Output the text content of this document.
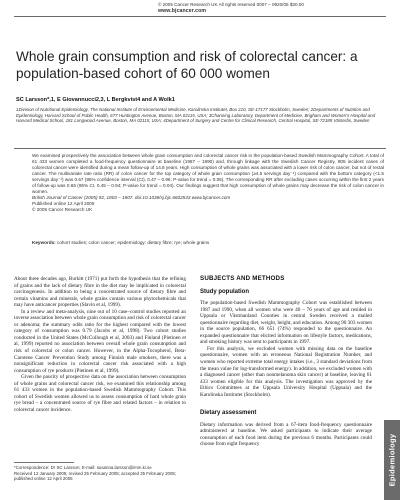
© 2005 Cancer Research UK All rights reserved 0007 – 0920/05 $30.00
www.bjcancer.com
Whole grain consumption and risk of colorectal cancer: a population-based cohort of 60 000 women
SC Larsson*,1, E Giovannucci2,3, L Bergkvist4 and A Wolk1
1Division of Nutritional Epidemiology, The National Institute of Environmental Medicine, Karolinska Institutet, Box 210, SE-17177 Stockholm, Sweden; 2Departments of Nutrition and Epidemiology, Harvard School of Public Health, 677 Huntington Avenue, Boston, MA 02115, USA; 3Channing Laboratory, Department of Medicine, Brigham and Women's Hospital and Harvard Medical School, 181 Longwood Avenue, Boston, MA 02115, USA; 4Department of Surgery and Centre for Clinical Research, Central Hospital, SE-72189 Västerås, Sweden
We examined prospectively the association between whole grain consumption and colorectal cancer risk in the population-based Swedish Mammography Cohort. A total of 61 433 women completed a food-frequency questionnaire at baseline (1987 – 1990) and, through linkage with the Swedish Cancer Registry, 805 incident cases of colorectal cancer were identified during a mean follow-up of 14.8 years. High consumption of whole grains was associated with a lower risk of colon cancer, but not of rectal cancer. The multivariate rate ratio (RR) of colon cancer for the top category of whole grain consumption (≥4.5 servings day⁻¹) compared with the bottom category (<1.5 servings day⁻¹) was 0.67 (95% confidence interval (CI), 0.47 – 0.96; P-value for trend = 0.06). The corresponding RR after excluding cases occurring within the first 2 years of follow-up was 0.65 (95% CI, 0.45 – 0.94; P-value for trend = 0.04). Our findings suggest that high consumption of whole grains may decrease the risk of colon cancer in women.
British Journal of Cancer (2005) 92, 1803 – 1807. doi:10.1038/sj.bjc.6602543 www.bjcancer.com
Published online 12 April 2005
© 2005 Cancer Research UK
Keywords: cohort studies; colon cancer; epidemiology; dietary fibre; rye; whole grains

About three decades ago, Burkitt (1971) put forth the hypothesis that the refining of grains and the lack of dietary fibre in the diet may be implicated in colorectal carcinogenesis. In addition to being a concentrated source of dietary fibre and certain vitamins and minerals, whole grains contain various phytochemicals that may have anticancer properties (Slavin et al, 1999).

In a review and meta-analysis, nine out of 10 case–control studies reported an inverse association between whole grain consumption and risk of colorectal cancer or adenoma; the summary odds ratio for the highest compared with the lowest category of consumption was 0.79 (Jacobs et al, 1998). Two cohort studies conducted in the United States (McCullough et al, 2003) and Finland (Pietinen et al, 1999) reported no association between overall whole grain consumption and risk of colorectal or colon cancer. However, in the Alpha-Tocopherol, Beta-Carotene Cancer Prevention Study among Finnish male smokers, there was a nonsignificant reduction in colorectal cancer risk associated with a high consumption of rye products (Pietinen et al, 1999).

Given the paucity of prospective data on the association between consumption of whole grains and colorectal cancer risk, we examined this relationship among 61 433 women in the population-based Swedish Mammography Cohort. This cohort of Swedish women allowed us to assess consumption of hard whole grain rye bread – a concentrated source of rye fibre and related factors – in relation to colorectal cancer incidence.

SUBJECTS AND METHODS
Study population

The population-based Swedish Mammography Cohort was established between 1987 and 1990, when all women who were 40 – 76 years of age and resided in Uppsala or Västmanland Counties in central Sweden received a mailed questionnaire regarding diet, weight, height, and education. Among 90 303 women in the source population, 66 651 (74%) responded to the questionnaire. An expanded questionnaire that elicited information on lifestyle factors, medications, and smoking history was sent to participants in 1997.

For this analysis, we excluded women with missing data on the baseline questionnaire, women with an erroneous National Registration Number, and women who reported extreme total energy intakes (i.e., 3 standard deviations from the mean value for log-transformed energy). In addition, we excluded women with a diagnosed cancer (other than nonmelanoma skin cancer) at baseline, leaving 61 433 women eligible for this analysis. The investigation was approved by the Ethics Committees at the Uppsala University Hospital (Uppsala) and the Karolinska Institutet (Stockholm).

Dietary assessment

Dietary information was derived from a 67-item food-frequency questionnaire administered at baseline. We asked participants to indicate their average consumption of each food item during the previous 6 months. Participants could choose from eight frequency

*Correspondence: Dr SC Larsson; E-mail: susanna.larsson@imm.ki.se
Received 12 January 2005; revised 25 February 2005; accepted 25 February 2005; published online 12 April 2005	Epidemiology
